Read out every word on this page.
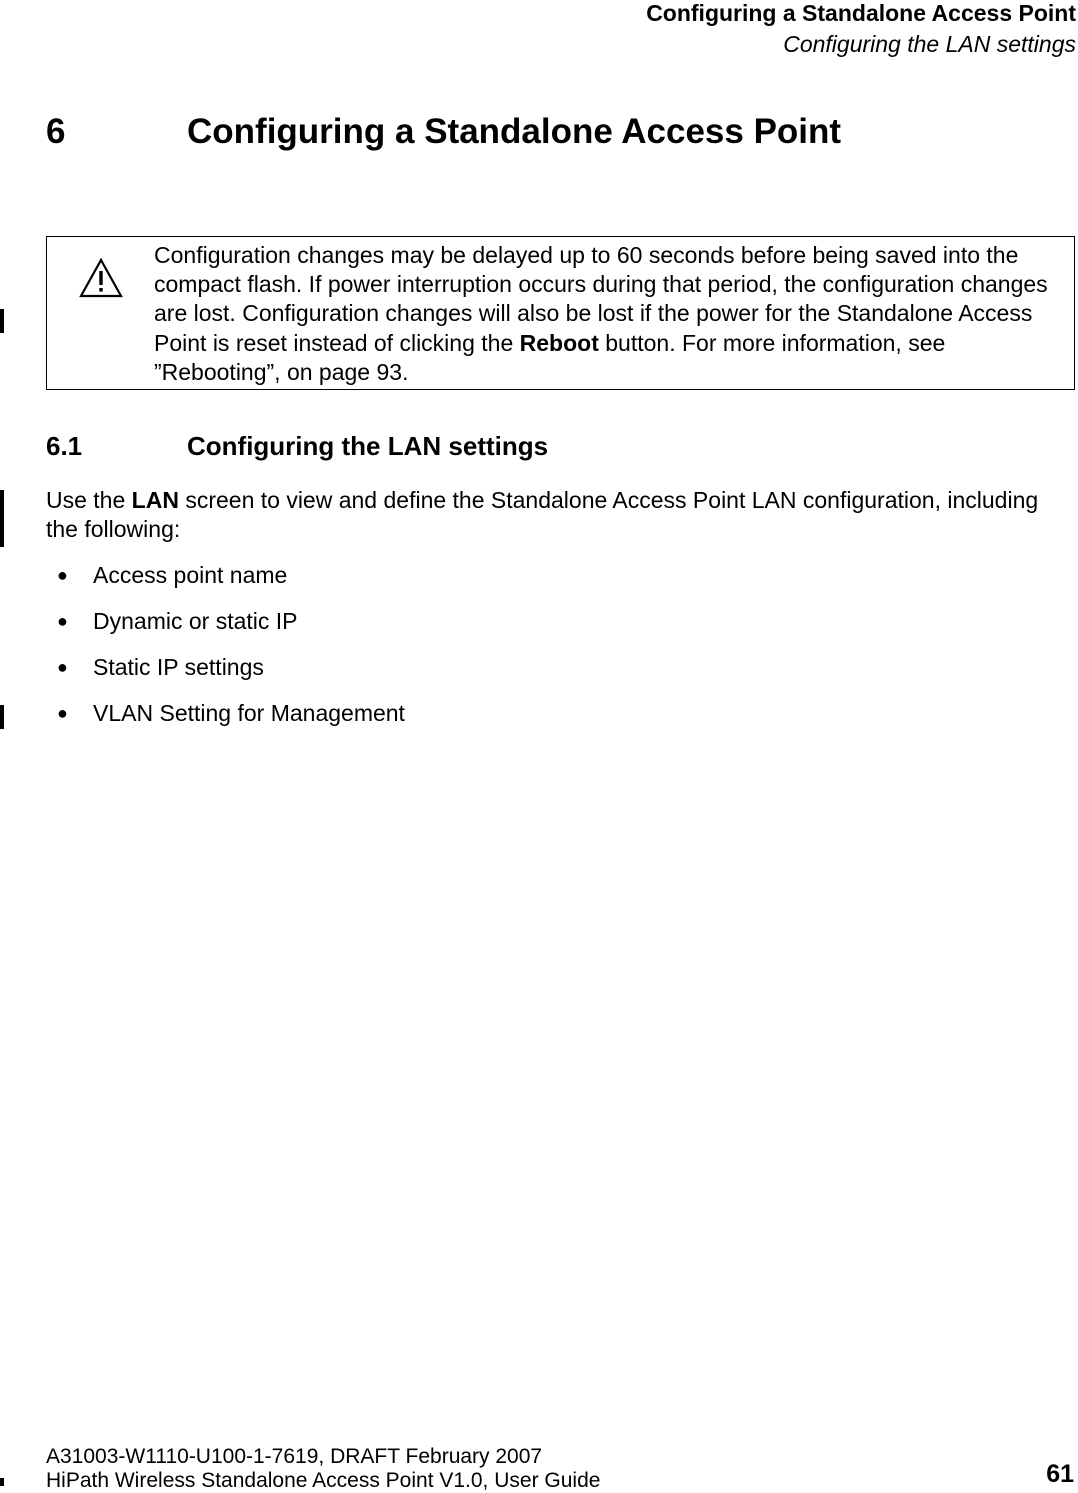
Configuring a Standalone Access Point
Configuring the LAN settings
6	Configuring a Standalone Access Point
Configuration changes may be delayed up to 60 seconds before being saved into the compact flash. If power interruption occurs during that period, the configuration changes are lost. Configuration changes will also be lost if the power for the Standalone Access Point is reset instead of clicking the Reboot button. For more information, see ”Rebooting”, on page 93.
6.1	Configuring the LAN settings
Use the LAN screen to view and define the Standalone Access Point LAN configuration, including the following:
● Access point name
● Dynamic or static IP
● Static IP settings
● VLAN Setting for Management
A31003-W1110-U100-1-7619, DRAFT February 2007
HiPath Wireless Standalone Access Point V1.0, User Guide	61
